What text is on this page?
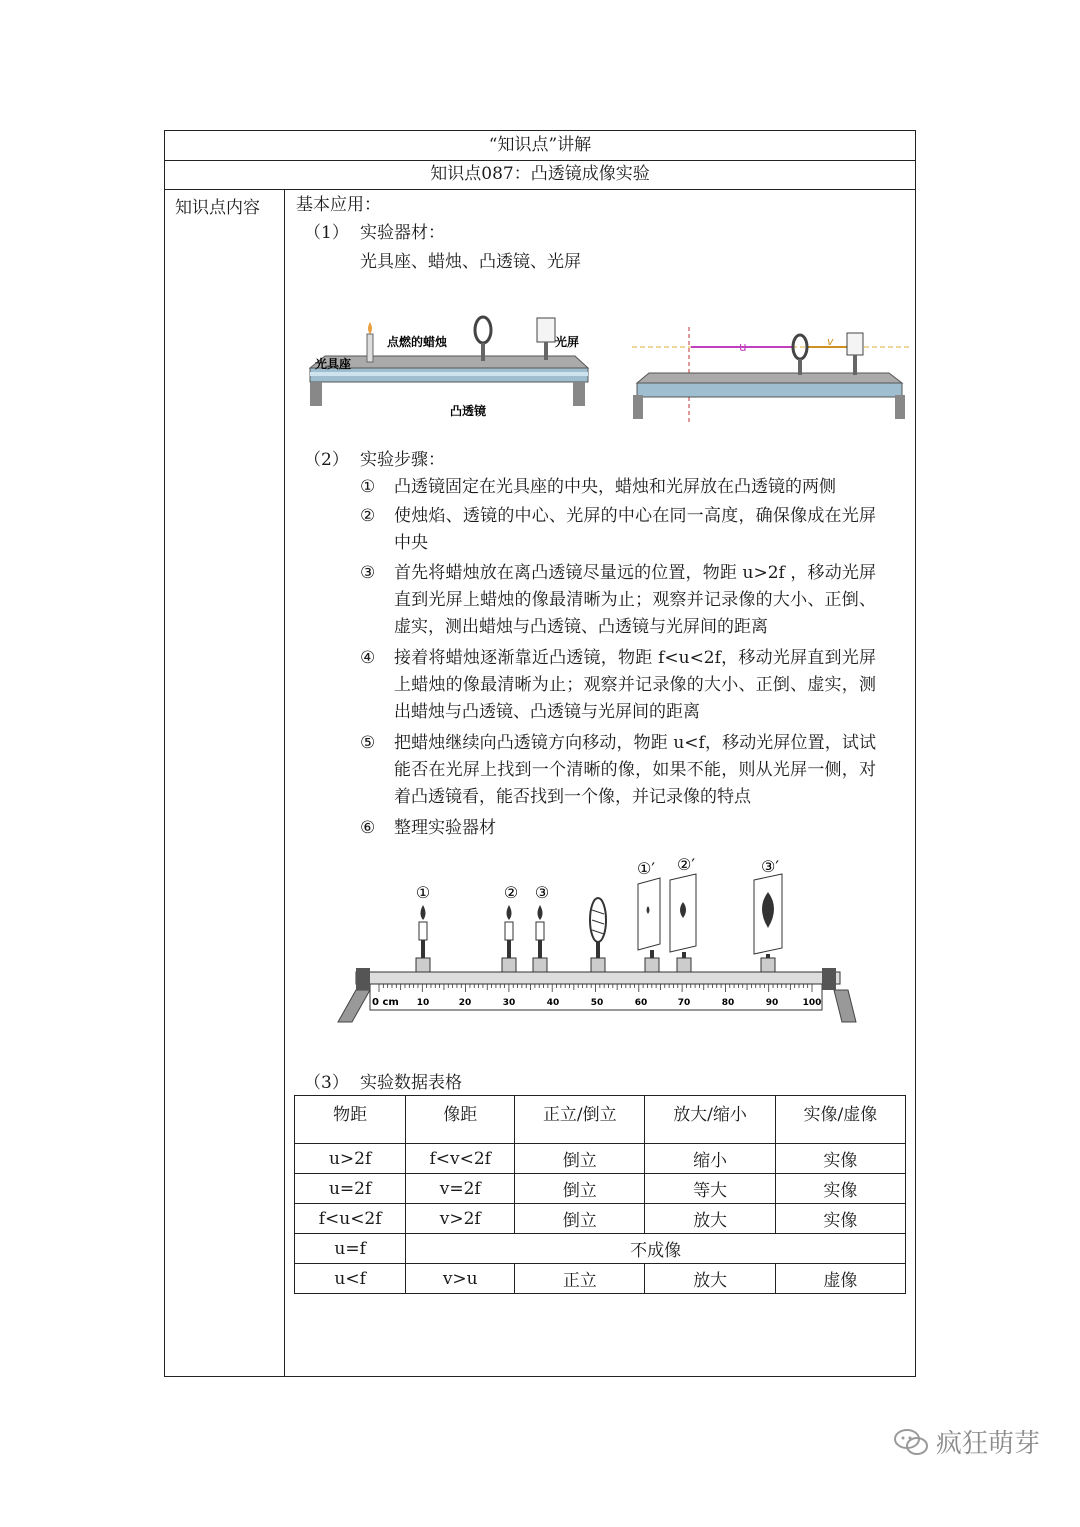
“知识点”讲解
知识点087：凸透镜成像实验
知识点内容 基本应用：
（1） 实验器材：
光具座、蜡烛、凸透镜、光屏
点燃的蜡烛	光屏
光具座
凸透镜
u	v
（2） 实验步骤：
① 凸透镜固定在光具座的中央，蜡烛和光屏放在凸透镜的两侧
② 使烛焰、透镜的中心、光屏的中心在同一高度，确保像成在光屏中央
③ 首先将蜡烛放在离凸透镜尽量远的位置，物距 u>2f ，移动光屏直到光屏上蜡烛的像最清晰为止；观察并记录像的大小、正倒、虚实，测出蜡烛与凸透镜、凸透镜与光屏间的距离
④ 接着将蜡烛逐渐靠近凸透镜，物距 f<u<2f，移动光屏直到光屏上蜡烛的像最清晰为止；观察并记录像的大小、正倒、虚实，测出蜡烛与凸透镜、凸透镜与光屏间的距离
⑤ 把蜡烛继续向凸透镜方向移动，物距 u<f，移动光屏位置，试试能否在光屏上找到一个清晰的像，如果不能，则从光屏一侧，对着凸透镜看，能否找到一个像，并记录像的特点
⑥ 整理实验器材
0 cm 10	20	30	40	50	60	70	80	90	100
①	② ③
①′ ②′	③′
（3） 实验数据表格
物距	像距	正立/倒立	放大/缩小	实像/虚像
u>2f	f<v<2f	倒立	缩小	实像
u=2f	v=2f	倒立	等大	实像
f<u<2f	v>2f	倒立	放大	实像
u=f	不成像			
u<f	v>u	正立	放大	虚像
疯狂萌芽
